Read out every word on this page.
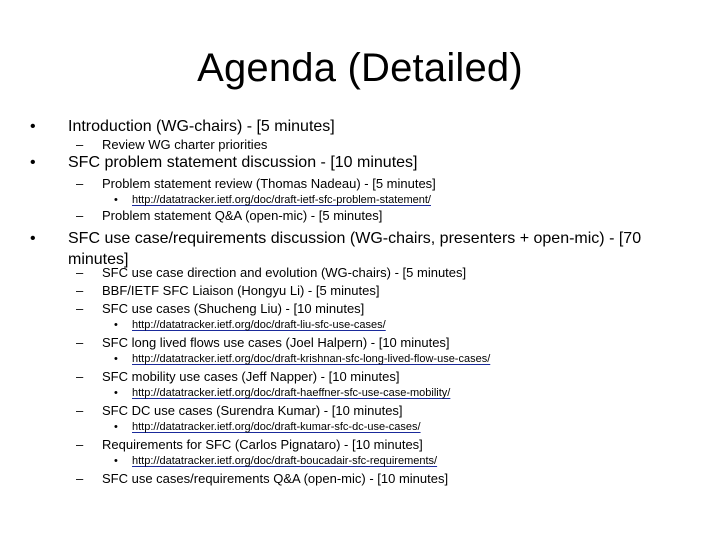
Agenda (Detailed)
•	Introduction (WG-chairs) - [5 minutes]
–	Review WG charter priorities
•	SFC problem statement discussion - [10 minutes]
–	Problem statement review (Thomas Nadeau) - [5 minutes]
•	http://datatracker.ietf.org/doc/draft-ietf-sfc-problem-statement/
–	Problem statement Q&A (open-mic) - [5 minutes]
•	SFC use case/requirements discussion (WG-chairs, presenters + open-mic) - [70 minutes]
–	SFC use case direction and evolution (WG-chairs) - [5 minutes]
–	BBF/IETF SFC Liaison (Hongyu Li) - [5 minutes]
–	SFC use cases (Shucheng Liu) - [10 minutes]
•	http://datatracker.ietf.org/doc/draft-liu-sfc-use-cases/
–	SFC long lived flows use cases (Joel Halpern) - [10 minutes]
•	http://datatracker.ietf.org/doc/draft-krishnan-sfc-long-lived-flow-use-cases/
–	SFC mobility use cases (Jeff Napper) - [10 minutes]
•	http://datatracker.ietf.org/doc/draft-haeffner-sfc-use-case-mobility/
–	SFC DC use cases (Surendra Kumar) - [10 minutes]
•	http://datatracker.ietf.org/doc/draft-kumar-sfc-dc-use-cases/
–	Requirements for SFC (Carlos Pignataro) - [10 minutes]
•	http://datatracker.ietf.org/doc/draft-boucadair-sfc-requirements/
–	SFC use cases/requirements Q&A (open-mic) - [10 minutes]
